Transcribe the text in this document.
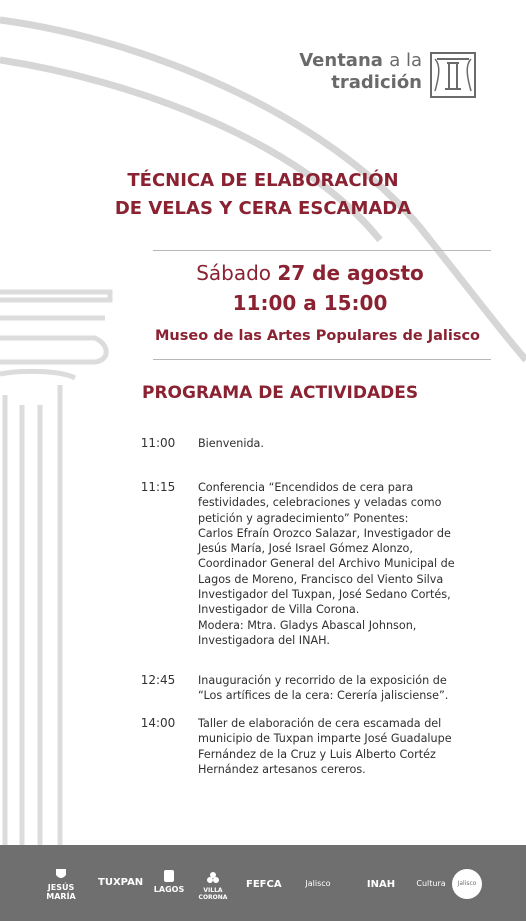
Ventana a la
tradición
TÉCNICA DE ELABORACIÓN
DE VELAS Y CERA ESCAMADA
Sábado 27 de agosto
11:00 a 15:00
Museo de las Artes Populares de Jalisco
PROGRAMA DE ACTIVIDADES
11:00 Bienvenida.
11:15 Conferencia “Encendidos de cera para
festividades, celebraciones y veladas como
petición y agradecimiento” Ponentes:
Carlos Efraín Orozco Salazar, Investigador de
Jesús María, José Israel Gómez Alonzo,
Coordinador General del Archivo Municipal de
Lagos de Moreno, Francisco del Viento Silva
Investigador del Tuxpan, José Sedano Cortés,
Investigador de Villa Corona.
Modera: Mtra. Gladys Abascal Johnson,
Investigadora del INAH.
12:45 Inauguración y recorrido de la exposición de
“Los artífices de la cera: Cerería jalisciense”.
14:00 Taller de elaboración de cera escamada del
municipio de Tuxpan imparte José Guadalupe
Fernández de la Cruz y Luis Alberto Cortéz
Hernández artesanos cereros.
JESÚS MARÍA
TUXPAN
LAGOS	VILLA CORONA
FEFCA	Jalisco	INAH	Cultura	Jalisco
